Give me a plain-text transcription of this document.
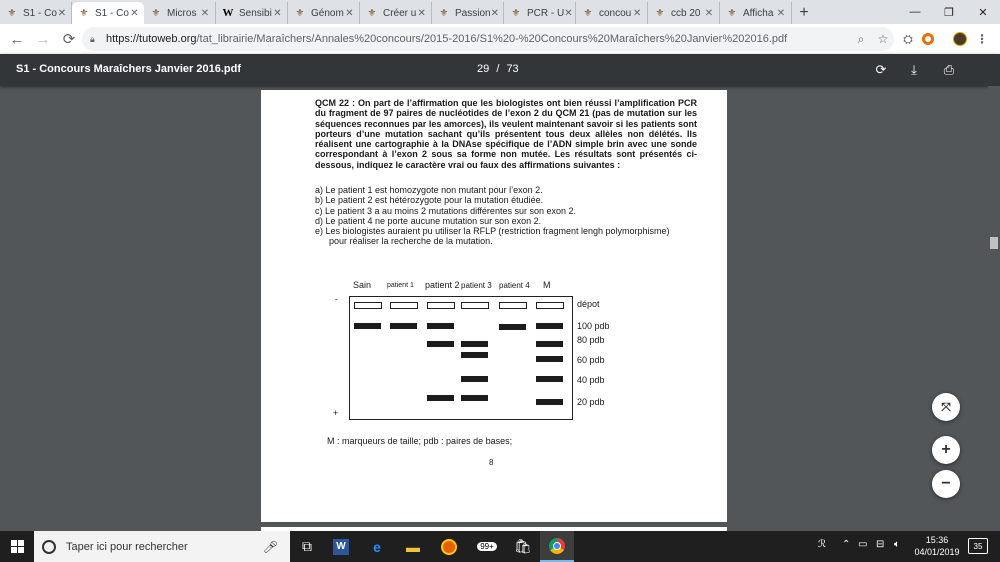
⚜ S1 - Co ✕ ⚜ S1 - Co ✕ ⚜ Micros ✕ W Sensibi ✕ ⚜ Génom ✕ ⚜ Créer u ✕ ⚜ Passion ✕ ⚜ PCR - U ✕ ⚜ concou ✕ ⚜ ccb 20 ✕ ⚜ Afficha ✕ +	—	❐	✕
← → ⟳	🔒︎	https://tutoweb.org/tat_librairie/Maraîchers/Annales%20concours/2015-2016/S1%20-%20Concours%20Maraîchers%20Janvier%202016.pdf	⌕	☆	⛭	⋮
S1 - Concours Maraîchers Janvier 2016.pdf	29 / 73	⟳	⤓	⎙
QCM 22 : On part de l’affirmation que les biologistes ont bien réussi l’amplification PCR du fragment de 97 paires de nucléotides de l’exon 2 du QCM 21 (pas de mutation sur les séquences reconnues par les amorces), ils veulent maintenant savoir si les patients sont porteurs d’une mutation sachant qu’ils présentent tous deux allèles non délétés. Ils réalisent une cartographie à la DNAse spécifique de l’ADN simple brin avec une sonde correspondant à l’exon 2 sous sa forme non mutée. Les résultats sont présentés ci-dessous, indiquez le caractère vrai ou faux des affirmations suivantes :
a) Le patient 1 est homozygote non mutant pour l’exon 2.
b) Le patient 2 est hétérozygote pour la mutation étudiée.
c) Le patient 3 a au moins 2 mutations différentes sur son exon 2.
d) Le patient 4 ne porte aucune mutation sur son exon 2.
e) Les biologistes auraient pu utiliser la RFLP (restriction fragment lengh polymorphisme)
pour réaliser la recherche de la mutation.
Sain patient 1 patient 2 patient 3 patient 4 M
-
+
dépot
100 pdb
80 pdb
60 pdb
40 pdb
20 pdb
M : marqueurs de taille; pdb : paires de bases;
8
⤧
+
−
Taper ici pour rechercher	🎤︎	⧉	W	e	▬	99+	🛍︎	ℛ ⌃ ▭ ⊟ 🔈︎	15:36
04/01/2019
35
